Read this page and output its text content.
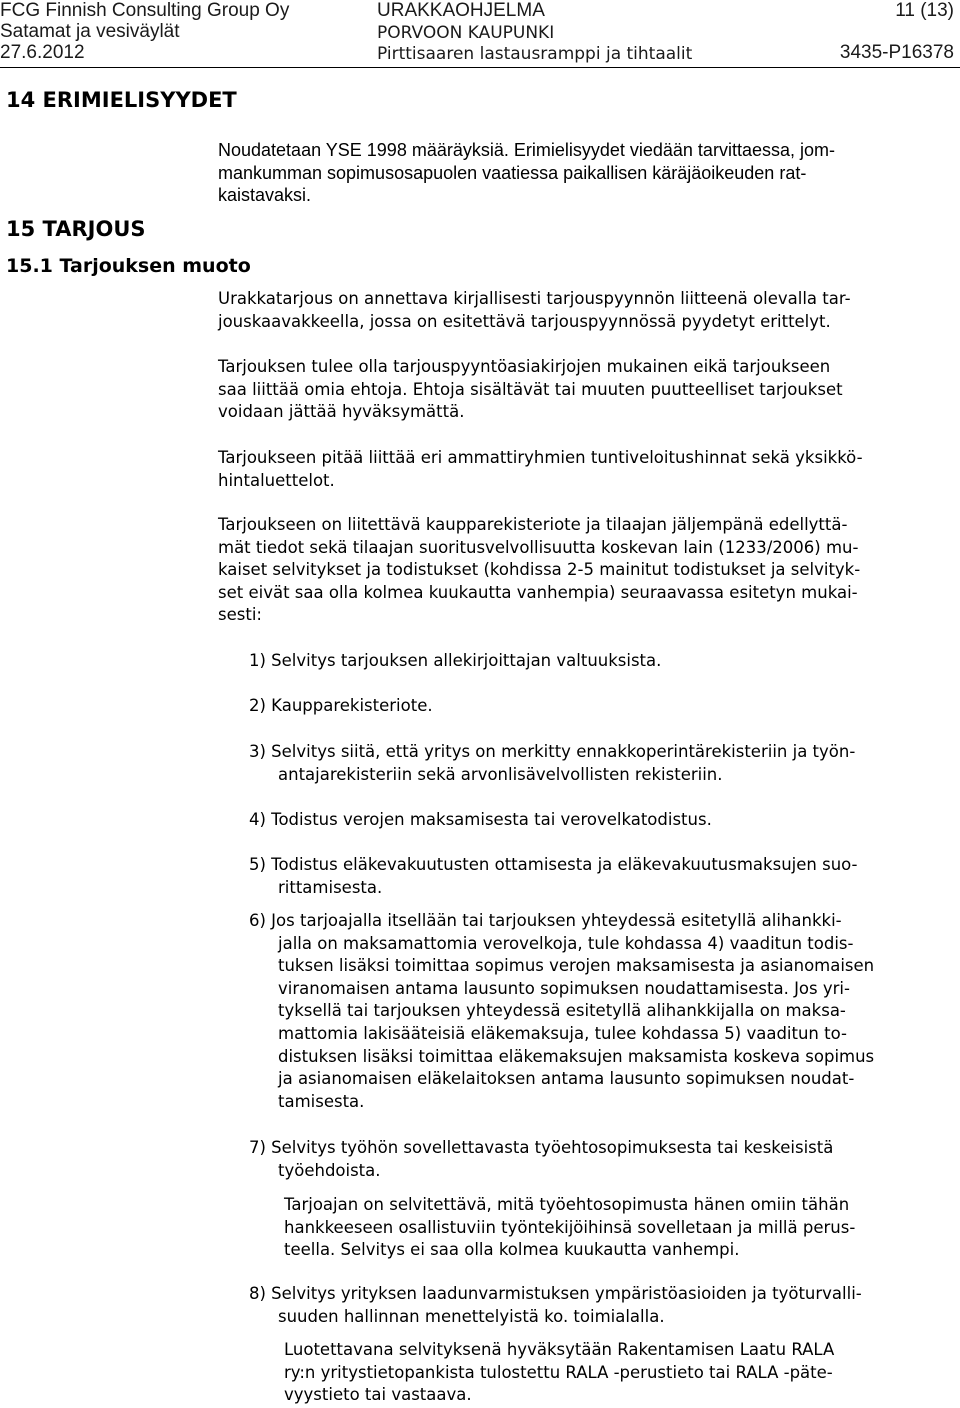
FCG Finnish Consulting Group Oy
Satamat ja vesiväylät
27.6.2012
URAKKAOHJELMA
PORVOON KAUPUNKI
Pirttisaaren lastausramppi ja tihtaalit
11 (13)
3435-P16378
14 ERIMIELISYYDET
15 TARJOUS
15.1 Tarjouksen muoto
Noudatetaan YSE 1998 määräyksiä. Erimielisyydet viedään tarvittaessa, jom-
mankumman sopimusosapuolen vaatiessa paikallisen käräjäoikeuden rat-
kaistavaksi.
Urakkatarjous on annettava kirjallisesti tarjouspyynnön liitteenä olevalla tar-
jouskaavakkeella, jossa on esitettävä tarjouspyynnössä pyydetyt erittelyt.
Tarjouksen tulee olla tarjouspyyntöasiakirjojen mukainen eikä tarjoukseen
saa liittää omia ehtoja. Ehtoja sisältävät tai muuten puutteelliset tarjoukset
voidaan jättää hyväksymättä.
Tarjoukseen pitää liittää eri ammattiryhmien tuntiveloitushinnat sekä yksikkö-
hintaluettelot.
Tarjoukseen on liitettävä kaupparekisteriote ja tilaajan jäljempänä edellyttä-
mät tiedot sekä tilaajan suoritusvelvollisuutta koskevan lain (1233/2006) mu-
kaiset selvitykset ja todistukset (kohdissa 2-5 mainitut todistukset ja selvityk-
set eivät saa olla kolmea kuukautta vanhempia) seuraavassa esitetyn mukai-
sesti:
1) Selvitys tarjouksen allekirjoittajan valtuuksista.
2) Kaupparekisteriote.
3) Selvitys siitä, että yritys on merkitty ennakkoperintärekisteriin ja työn-
antajarekisteriin sekä arvonlisävelvollisten rekisteriin.
4) Todistus verojen maksamisesta tai verovelkatodistus.
5) Todistus eläkevakuutusten ottamisesta ja eläkevakuutusmaksujen suo-
rittamisesta.
6) Jos tarjoajalla itsellään tai tarjouksen yhteydessä esitetyllä alihankki-
jalla on maksamattomia verovelkoja, tule kohdassa 4) vaaditun todis-
tuksen lisäksi toimittaa sopimus verojen maksamisesta ja asianomaisen
viranomaisen antama lausunto sopimuksen noudattamisesta. Jos yri-
tyksellä tai tarjouksen yhteydessä esitetyllä alihankkijalla on maksa-
mattomia lakisääteisiä eläkemaksuja, tulee kohdassa 5) vaaditun to-
distuksen lisäksi toimittaa eläkemaksujen maksamista koskeva sopimus
ja asianomaisen eläkelaitoksen antama lausunto sopimuksen noudat-
tamisesta.
7) Selvitys työhön sovellettavasta työehtosopimuksesta tai keskeisistä
työehdoista.
Tarjoajan on selvitettävä, mitä työehtosopimusta hänen omiin tähän
hankkeeseen osallistuviin työntekijöihinsä sovelletaan ja millä perus-
teella. Selvitys ei saa olla kolmea kuukautta vanhempi.
8) Selvitys yrityksen laadunvarmistuksen ympäristöasioiden ja työturvalli-
suuden hallinnan menettelyistä ko. toimialalla.
Luotettavana selvityksenä hyväksytään Rakentamisen Laatu RALA
ry:n yritystietopankista tulostettu RALA -perustieto tai RALA -päte-
vyystieto tai vastaava.
